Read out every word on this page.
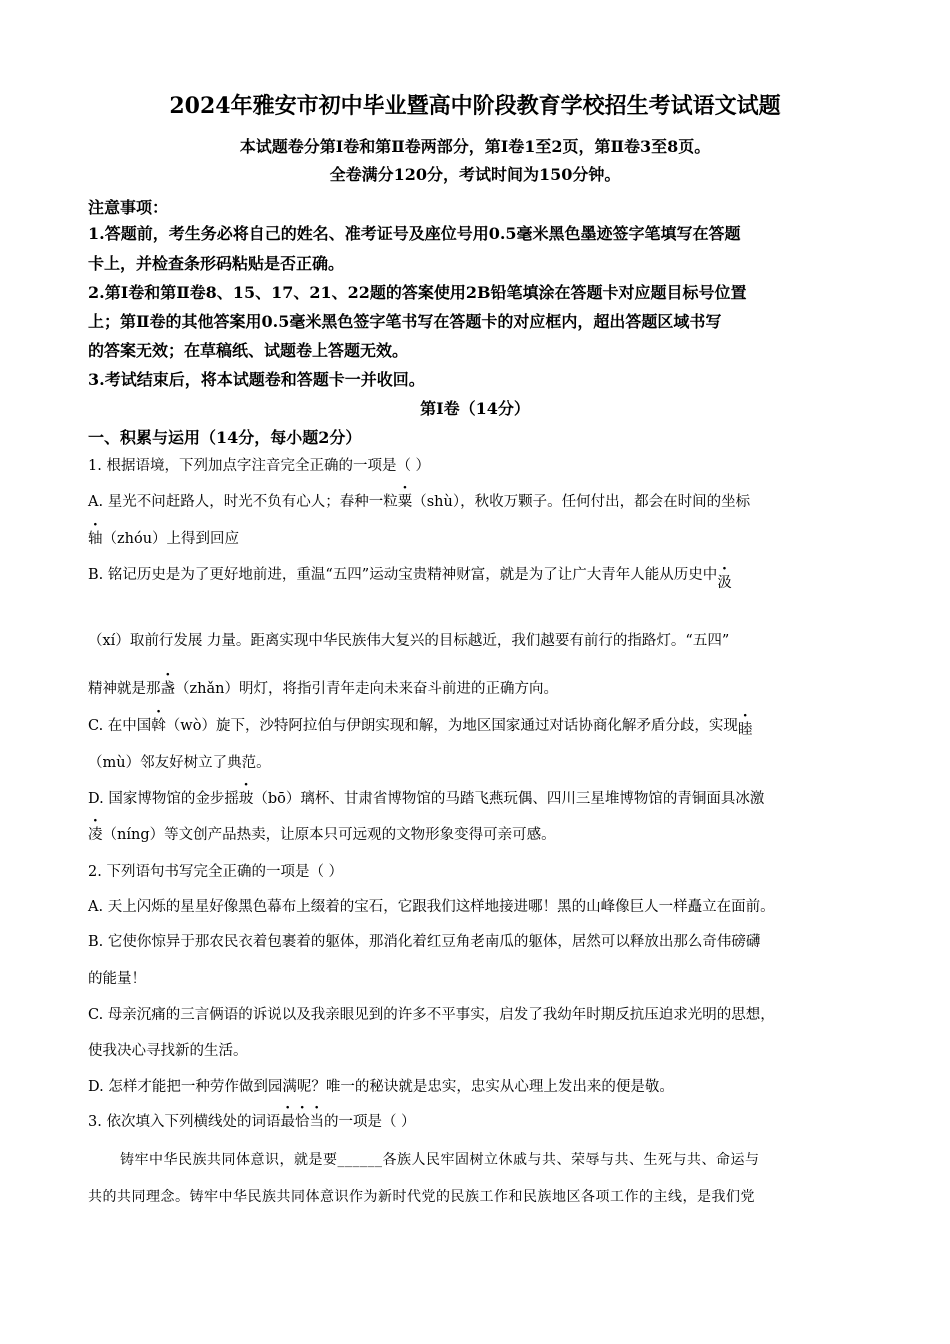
2024年雅安市初中毕业暨高中阶段教育学校招生考试语文试题
本试题卷分第Ⅰ卷和第Ⅱ卷两部分，第Ⅰ卷1至2页，第Ⅱ卷3至8页。
全卷满分120分，考试时间为150分钟。
注意事项：
1.答题前，考生务必将自己的姓名、准考证号及座位号用0.5毫米黑色墨迹签字笔填写在答题
卡上，并检查条形码粘贴是否正确。
2.第Ⅰ卷和第Ⅱ卷8、15、17、21、22题的答案使用2B铅笔填涂在答题卡对应题目标号位置
上；第Ⅱ卷的其他答案用0.5毫米黑色签字笔书写在答题卡的对应框内，超出答题区域书写
的答案无效；在草稿纸、试题卷上答题无效。
3.考试结束后，将本试题卷和答题卡一并收回。
第Ⅰ卷（14分）
一、积累与运用（14分，每小题2分）
1. 根据语境，下列加点字注音完全正确的一项是（ ）
A. 星光不问赶路人，时光不负有心人；春种一粒粟（shù），秋收万颗子。任何付出，都会在时间的坐标
轴（zhóu）上得到回应
B. 铭记历史是为了更好地前进，重温“五四”运动宝贵精神财富，就是为了让广大青年人能从历史中汲
（xí）取前行发展 力量。距离实现中华民族伟大复兴的目标越近，我们越要有前行的指路灯。“五四”
精神就是那盏（zhǎn）明灯，将指引青年走向未来奋斗前进的正确方向。
C. 在中国斡（wò）旋下，沙特阿拉伯与伊朗实现和解，为地区国家通过对话协商化解矛盾分歧，实现睦
（mù）邻友好树立了典范。
D. 国家博物馆的金步摇玻（bō）璃杯、甘肃省博物馆的马踏飞燕玩偶、四川三星堆博物馆的青铜面具冰激
凌（níng）等文创产品热卖，让原本只可远观的文物形象变得可亲可感。
2. 下列语句书写完全正确的一项是（ ）
A. 天上闪烁的星星好像黑色幕布上缀着的宝石，它跟我们这样地接进哪！黑的山峰像巨人一样矗立在面前。
B. 它使你惊异于那农民衣着包裹着的躯体，那消化着红豆角老南瓜的躯体，居然可以释放出那么奇伟磅礴
的能量！
C. 母亲沉痛的三言俩语的诉说以及我亲眼见到的许多不平事实，启发了我幼年时期反抗压迫求光明的思想，
使我决心寻找新的生活。
D. 怎样才能把一种劳作做到园满呢？唯一的秘诀就是忠实，忠实从心理上发出来的便是敬。
3. 依次填入下列横线处的词语最恰当的一项是（ ）
铸牢中华民族共同体意识，就是要______各族人民牢固树立休戚与共、荣辱与共、生死与共、命运与
共的共同理念。铸牢中华民族共同体意识作为新时代党的民族工作和民族地区各项工作的主线，是我们党
